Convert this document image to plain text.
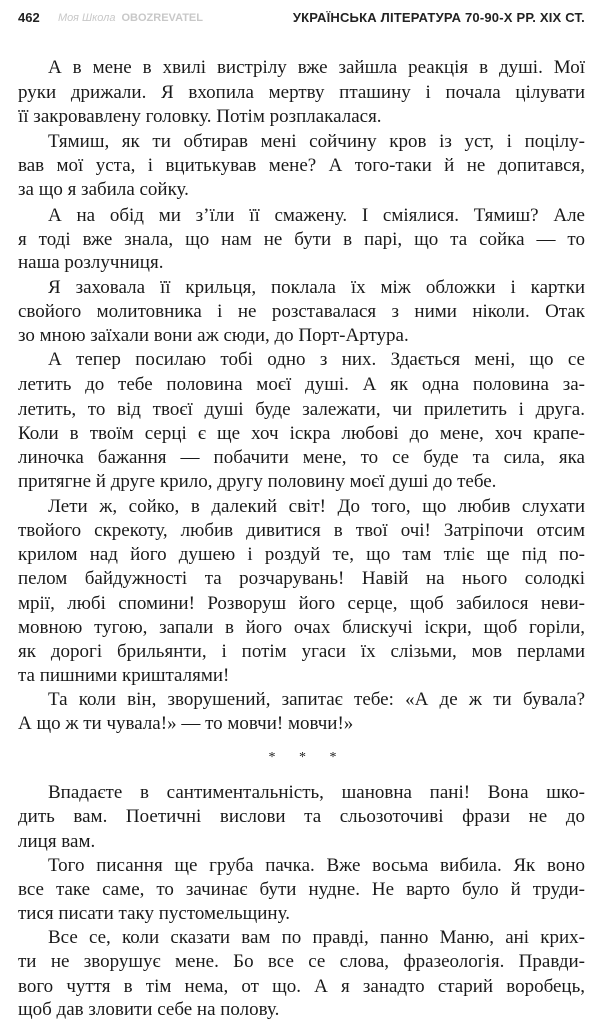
462 Моя Школа OBOZREVATEL	УКРАЇНСЬКА ЛІТЕРАТУРА 70-90-Х РР. ХІХ СТ.
А в мене в хвилі вистрілу вже зайшла реакція в душі. Мої
руки дрижали. Я вхопила мертву пташину і почала цілувати
її закровавлену головку. Потім розплакалася.
Тямиш, як ти обтирав мені сойчину кров із уст, і поцілу-
вав мої уста, і вцитькував мене? А того-таки й не допитався,
за що я забила сойку.
А на обід ми з’їли її смажену. І сміялися. Тямиш? Але
я тоді вже знала, що нам не бути в парі, що та сойка — то
наша розлучниця.
Я заховала її крильця, поклала їх між обложки і картки
свойого молитовника і не розставалася з ними ніколи. Отак
зо мною заїхали вони аж сюди, до Порт-Артура.
А тепер посилаю тобі одно з них. Здається мені, що се
летить до тебе половина моєї душі. А як одна половина за-
летить, то від твоєї душі буде залежати, чи прилетить і друга.
Коли в твоїм серці є ще хоч іскра любові до мене, хоч крапе-
линочка бажання — побачити мене, то се буде та сила, яка
притягне й друге крило, другу половину моєї душі до тебе.
Лети ж, сойко, в далекий світ! До того, що любив слухати
твойого скрекоту, любив дивитися в твої очі! Затріпочи отсим
крилом над його душею і роздуй те, що там тліє ще під по-
пелом байдужності та розчарувань! Навій на нього солодкі
мрії, любі спомини! Розворуш його серце, щоб забилося неви-
мовною тугою, запали в його очах блискучі іскри, щоб горіли,
як дорогі брильянти, і потім угаси їх слізьми, мов перлами
та пишними кришталями!
Та коли він, зворушений, запитає тебе: «А де ж ти бувала?
А що ж ти чувала!» — то мовчи! мовчи!»
Впадаєте в сантиментальність, шановна пані! Вона шко-
дить вам. Поетичні вислови та сльозоточиві фрази не до
лиця вам.
Того писання ще груба пачка. Вже восьма вибила. Як воно
все таке саме, то зачинає бути нудне. Не варто було й труди-
тися писати таку пустомельщину.
Все се, коли сказати вам по правді, панно Маню, ані крих-
ти не зворушує мене. Бо все се слова, фразеологія. Правди-
вого чуття в тім нема, от що. А я занадто старий воробець,
щоб дав зловити себе на полову.
* * *
